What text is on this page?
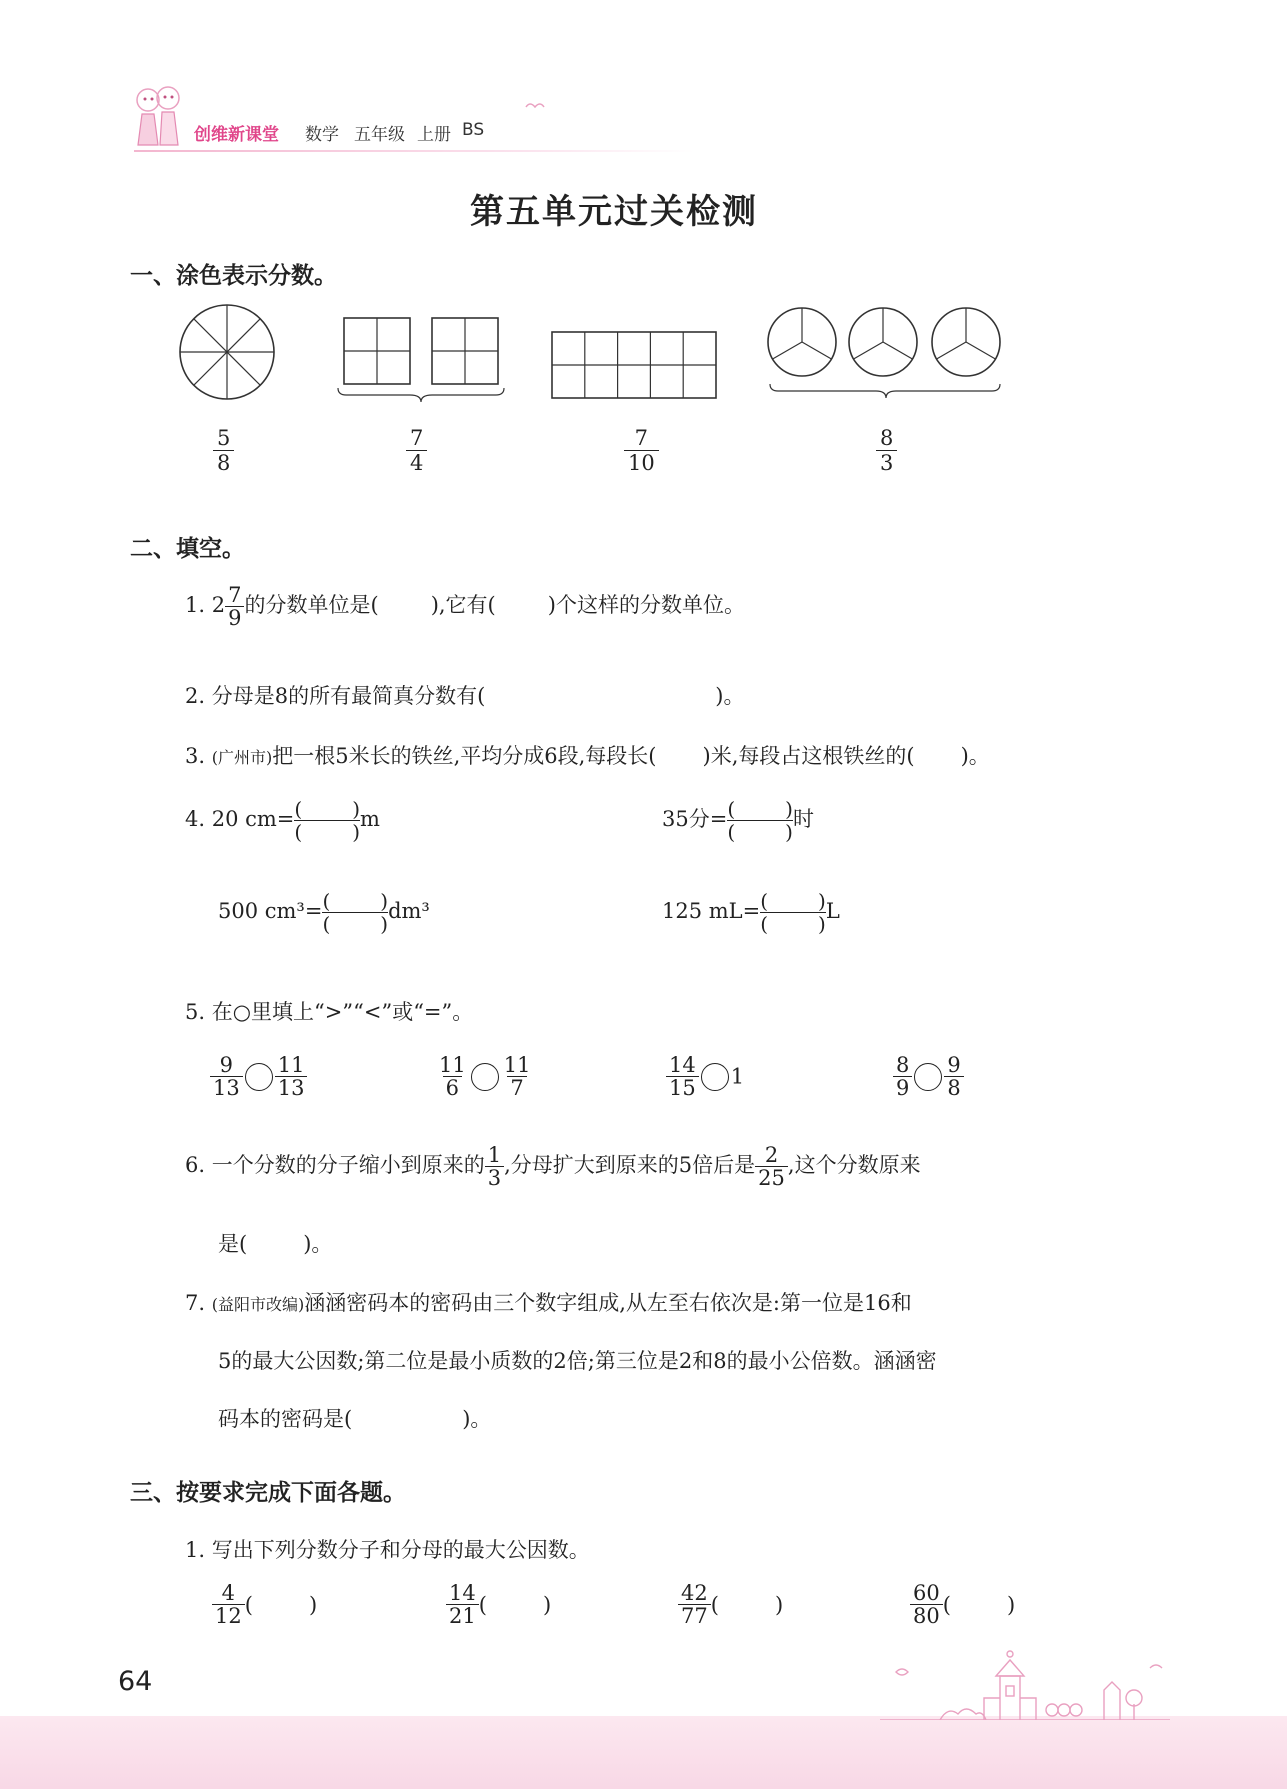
创维新课堂 数学 五年级 上册 BS
第五单元过关检测
一、涂色表示分数。
$\frac{5}{8}$	$\frac{7}{4}$	$\frac{7}{10}$	$\frac{8}{3}$
二、填空。
1. $2 \frac{7}{9}$ 的分数单位是( ),它有( )个这样的分数单位。
2. 分母是8的所有最简真分数有(	)。
3. (广州市)把一根5米长的铁丝,平均分成6段,每段长( )米,每段占这根铁丝的( )。
4. 20 cm= (	)
(	) m	35分= (	)
(	) 时
500 cm³= (	)
(	) dm³	125 mL= (	)
(	) L
5. 在○里填上“>”“<”或“=”。
$\frac{9}{13} \frac{11}{13}$	$\frac{11}{6} \frac{11}{7}$	$\frac{14}{15} 1$	$\frac{8}{9} \frac{9}{8}$
6. 一个分数的分子缩小到原来的 $\frac{1}{3}$ ,分母扩大到原来的5倍后是 $\frac{2}{25}$ ,这个分数原来
是(	)。
7. (益阳市改编)涵涵密码本的密码由三个数字组成,从左至右依次是:第一位是16和
5的最大公因数;第二位是最小质数的2倍;第三位是2和8的最小公倍数。涵涵密
码本的密码是(	)。
三、按要求完成下面各题。
1. 写出下列分数分子和分母的最大公因数。
$\frac{4}{12}$ (	)	$\frac{14}{21}$ (	)	$\frac{42}{77}$ (	)	$\frac{60}{80}$ (	)
64
